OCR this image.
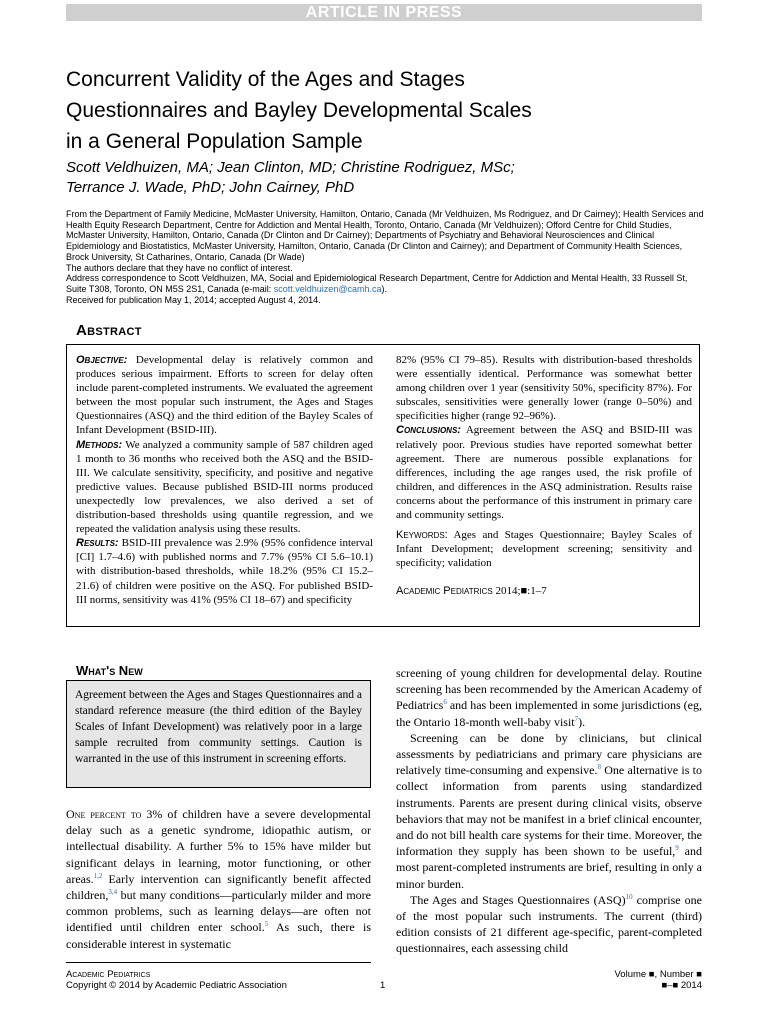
ARTICLE IN PRESS
Concurrent Validity of the Ages and Stages
Questionnaires and Bayley Developmental Scales
in a General Population Sample
Scott Veldhuizen, MA; Jean Clinton, MD; Christine Rodriguez, MSc;
Terrance J. Wade, PhD; John Cairney, PhD

From the Department of Family Medicine, McMaster University, Hamilton, Ontario, Canada (Mr Veldhuizen, Ms Rodriguez, and Dr Cairney); Health Services and Health Equity Research Department, Centre for Addiction and Mental Health, Toronto, Ontario, Canada (Mr Veldhuizen); Offord Centre for Child Studies, McMaster University, Hamilton, Ontario, Canada (Dr Clinton and Dr Cairney); Departments of Psychiatry and Behavioral Neurosciences and Clinical Epidemiology and Biostatistics, McMaster University, Hamilton, Ontario, Canada (Dr Clinton and Cairney); and Department of Community Health Sciences, Brock University, St Catharines, Ontario, Canada (Dr Wade)

The authors declare that they have no conflict of interest.

Address correspondence to Scott Veldhuizen, MA, Social and Epidemiological Research Department, Centre for Addiction and Mental Health, 33 Russell St, Suite T308, Toronto, ON M5S 2S1, Canada (e-mail: scott.veldhuizen@camh.ca).

Received for publication May 1, 2014; accepted August 4, 2014.

Abstract

Objective: Developmental delay is relatively common and produces serious impairment. Efforts to screen for delay often include parent-completed instruments. We evaluated the agreement between the most popular such instrument, the Ages and Stages Questionnaires (ASQ) and the third edition of the Bayley Scales of Infant Development (BSID-III).

Methods: We analyzed a community sample of 587 children aged 1 month to 36 months who received both the ASQ and the BSID-III. We calculate sensitivity, specificity, and positive and negative predictive values. Because published BSID-III norms produced unexpectedly low prevalences, we also derived a set of distribution-based thresholds using quantile regression, and we repeated the validation analysis using these results.

Results: BSID-III prevalence was 2.9% (95% confidence interval [CI] 1.7–4.6) with published norms and 7.7% (95% CI 5.6–10.1) with distribution-based thresholds, while 18.2% (95% CI 15.2–21.6) of children were positive on the ASQ. For published BSID-III norms, sensitivity was 41% (95% CI 18–67) and specificity

82% (95% CI 79–85). Results with distribution-based thresholds were essentially identical. Performance was somewhat better among children over 1 year (sensitivity 50%, specificity 87%). For subscales, sensitivities were generally lower (range 0–50%) and specificities higher (range 92–96%).

Conclusions: Agreement between the ASQ and BSID-III was relatively poor. Previous studies have reported somewhat better agreement. There are numerous possible explanations for differences, including the age ranges used, the risk profile of children, and differences in the ASQ administration. Results raise concerns about the performance of this instrument in primary care and community settings.

Keywords: Ages and Stages Questionnaire; Bayley Scales of Infant Development; development screening; sensitivity and specificity; validation

Academic Pediatrics 2014;■:1–7

What's New
Agreement between the Ages and Stages Questionnaires and a standard reference measure (the third edition of the Bayley Scales of Infant Development) was relatively poor in a large sample recruited from community settings. Caution is warranted in the use of this instrument in screening efforts.

One percent to 3% of children have a severe developmental delay such as a genetic syndrome, idiopathic autism, or intellectual disability. A further 5% to 15% have milder but significant delays in learning, motor functioning, or other areas.$^{1,2}$ Early intervention can significantly benefit affected children,$^{3,4}$ but many conditions—particularly milder and more common problems, such as learning delays—are often not identified until children enter school.$^5$ As such, there is considerable interest in systematic

screening of young children for developmental delay. Routine screening has been recommended by the American Academy of Pediatrics$^6$ and has been implemented in some jurisdictions (eg, the Ontario 18-month well-baby visit$^7$).

Screening can be done by clinicians, but clinical assessments by pediatricians and primary care physicians are relatively time-consuming and expensive.$^8$ One alternative is to collect information from parents using standardized instruments. Parents are present during clinical visits, observe behaviors that may not be manifest in a brief clinical encounter, and do not bill health care systems for their time. Moreover, the information they supply has been shown to be useful,$^9$ and most parent-completed instruments are brief, resulting in only a minor burden.

The Ages and Stages Questionnaires (ASQ)$^{10}$ comprise one of the most popular such instruments. The current (third) edition consists of 21 different age-specific, parent-completed questionnaires, each assessing child

Academic Pediatrics
Copyright © 2014 by Academic Pediatric Association	1
Volume ■, Number ■
■–■ 2014
